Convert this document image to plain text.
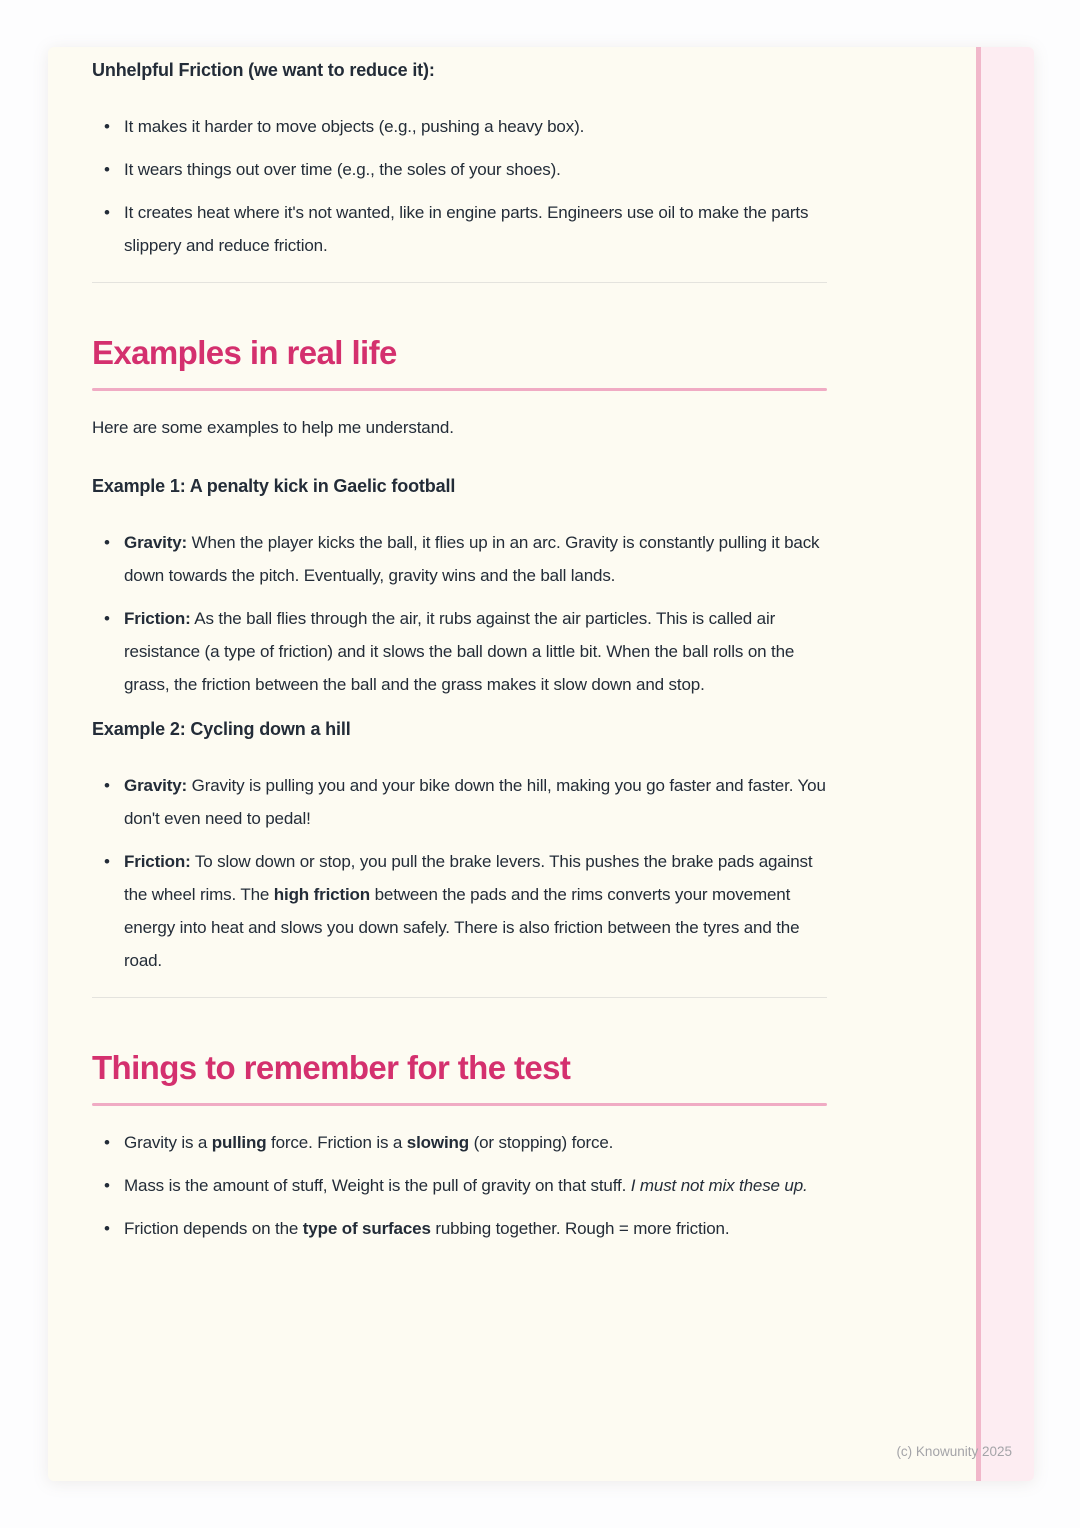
Unhelpful Friction (we want to reduce it):
• It makes it harder to move objects (e.g., pushing a heavy box).
• It wears things out over time (e.g., the soles of your shoes).
• It creates heat where it's not wanted, like in engine parts. Engineers use oil to make the parts slippery and reduce friction.
Examples in real life

Here are some examples to help me understand.

Example 1: A penalty kick in Gaelic football
• Gravity: When the player kicks the ball, it flies up in an arc. Gravity is constantly pulling it back down towards the pitch. Eventually, gravity wins and the ball lands.
• Friction: As the ball flies through the air, it rubs against the air particles. This is called air resistance (a type of friction) and it slows the ball down a little bit. When the ball rolls on the grass, the friction between the ball and the grass makes it slow down and stop.
Example 2: Cycling down a hill
• Gravity: Gravity is pulling you and your bike down the hill, making you go faster and faster. You don't even need to pedal!
• Friction: To slow down or stop, you pull the brake levers. This pushes the brake pads against the wheel rims. The high friction between the pads and the rims converts your movement energy into heat and slows you down safely. There is also friction between the tyres and the road.
Things to remember for the test
• Gravity is a pulling force. Friction is a slowing (or stopping) force.
• Mass is the amount of stuff, Weight is the pull of gravity on that stuff. I must not mix these up.
• Friction depends on the type of surfaces rubbing together. Rough = more friction.
(c) Knowunity 2025
